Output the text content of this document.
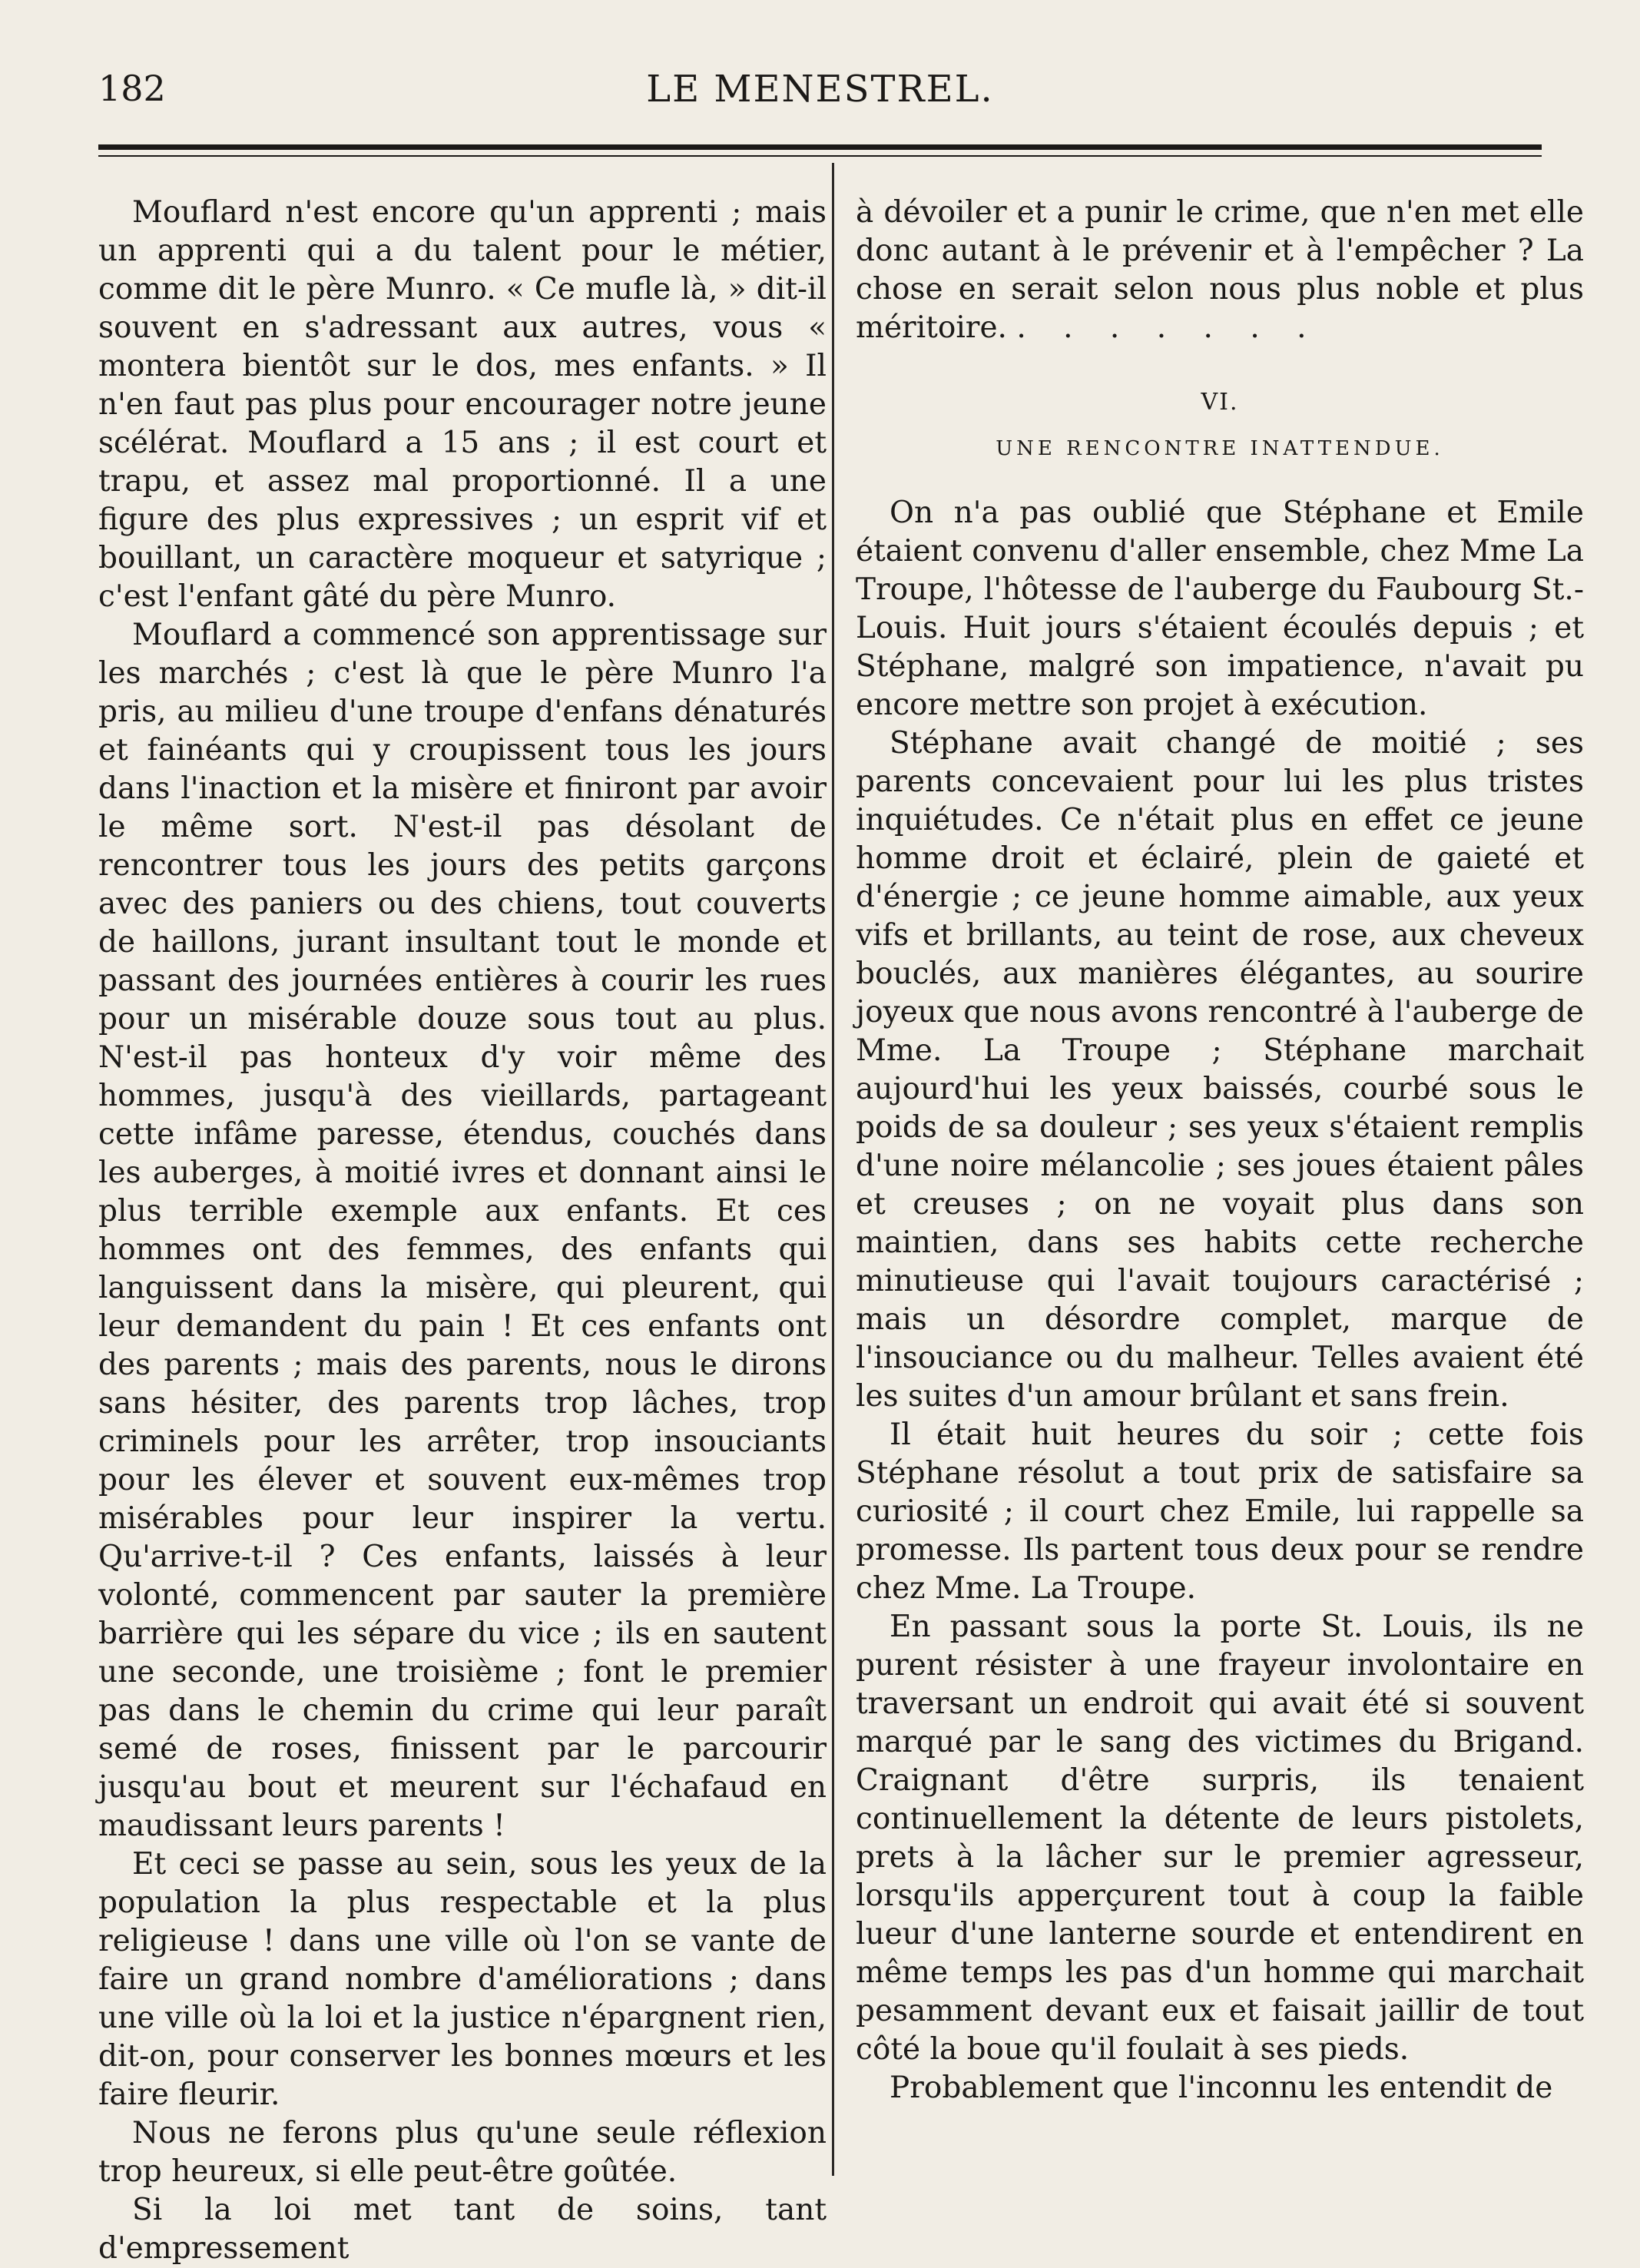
182	LE MENESTREL.

Mouflard n'est encore qu'un apprenti ; mais un apprenti qui a du talent pour le métier, comme dit le père Munro. « Ce mufle là, » dit-il souvent en s'adressant aux autres, vous « montera bientôt sur le dos, mes enfants. » Il n'en faut pas plus pour encourager notre jeune scélérat. Mouflard a 15 ans ; il est court et trapu, et assez mal proportionné. Il a une figure des plus expressives ; un esprit vif et bouillant, un caractère moqueur et satyrique ; c'est l'enfant gâté du père Munro.

Mouflard a commencé son apprentissage sur les marchés ; c'est là que le père Munro l'a pris, au milieu d'une troupe d'enfans dénaturés et fainéants qui y croupissent tous les jours dans l'inaction et la misère et finiront par avoir le même sort. N'est-il pas désolant de rencontrer tous les jours des petits garçons avec des paniers ou des chiens, tout couverts de haillons, jurant insultant tout le monde et passant des journées entières à courir les rues pour un misérable douze sous tout au plus. N'est-il pas honteux d'y voir même des hommes, jusqu'à des vieillards, partageant cette infâme paresse, étendus, couchés dans les auberges, à moitié ivres et donnant ainsi le plus terrible exemple aux enfants. Et ces hommes ont des femmes, des enfants qui languissent dans la misère, qui pleurent, qui leur demandent du pain ! Et ces enfants ont des parents ; mais des parents, nous le dirons sans hésiter, des parents trop lâches, trop criminels pour les arrêter, trop insouciants pour les élever et souvent eux-mêmes trop misérables pour leur inspirer la vertu. Qu'arrive-t-il ? Ces enfants, laissés à leur volonté, commencent par sauter la première barrière qui les sépare du vice ; ils en sautent une seconde, une troisième ; font le premier pas dans le chemin du crime qui leur paraît semé de roses, finissent par le parcourir jusqu'au bout et meurent sur l'échafaud en maudissant leurs parents !

Et ceci se passe au sein, sous les yeux de la population la plus respectable et la plus religieuse ! dans une ville où l'on se vante de faire un grand nombre d'améliorations ; dans une ville où la loi et la justice n'épargnent rien, dit-on, pour conserver les bonnes mœurs et les faire fleurir.

Nous ne ferons plus qu'une seule réflexion trop heureux, si elle peut-être goûtée.

Si la loi met tant de soins, tant d'empressement

à dévoiler et a punir le crime, que n'en met elle donc autant à le prévenir et à l'empêcher ? La chose en serait selon nous plus noble et plus méritoire. . . . . . . .

VI.
UNE RENCONTRE INATTENDUE.

On n'a pas oublié que Stéphane et Emile étaient convenu d'aller ensemble, chez Mme La Troupe, l'hôtesse de l'auberge du Faubourg St.-Louis. Huit jours s'étaient écoulés depuis ; et Stéphane, malgré son impatience, n'avait pu encore mettre son projet à exécution.

Stéphane avait changé de moitié ; ses parents concevaient pour lui les plus tristes inquiétudes. Ce n'était plus en effet ce jeune homme droit et éclairé, plein de gaieté et d'énergie ; ce jeune homme aimable, aux yeux vifs et brillants, au teint de rose, aux cheveux bouclés, aux manières élégantes, au sourire joyeux que nous avons rencontré à l'auberge de Mme. La Troupe ; Stéphane marchait aujourd'hui les yeux baissés, courbé sous le poids de sa douleur ; ses yeux s'étaient remplis d'une noire mélancolie ; ses joues étaient pâles et creuses ; on ne voyait plus dans son maintien, dans ses habits cette recherche minutieuse qui l'avait toujours caractérisé ; mais un désordre complet, marque de l'insouciance ou du malheur. Telles avaient été les suites d'un amour brûlant et sans frein.

Il était huit heures du soir ; cette fois Stéphane résolut a tout prix de satisfaire sa curiosité ; il court chez Emile, lui rappelle sa promesse. Ils partent tous deux pour se rendre chez Mme. La Troupe.

En passant sous la porte St. Louis, ils ne purent résister à une frayeur involontaire en traversant un endroit qui avait été si souvent marqué par le sang des victimes du Brigand. Craignant d'être surpris, ils tenaient continuellement la détente de leurs pistolets, prets à la lâcher sur le premier agresseur, lorsqu'ils apperçurent tout à coup la faible lueur d'une lanterne sourde et entendirent en même temps les pas d'un homme qui marchait pesamment devant eux et faisait jaillir de tout côté la boue qu'il foulait à ses pieds.

Probablement que l'inconnu les entendit de
